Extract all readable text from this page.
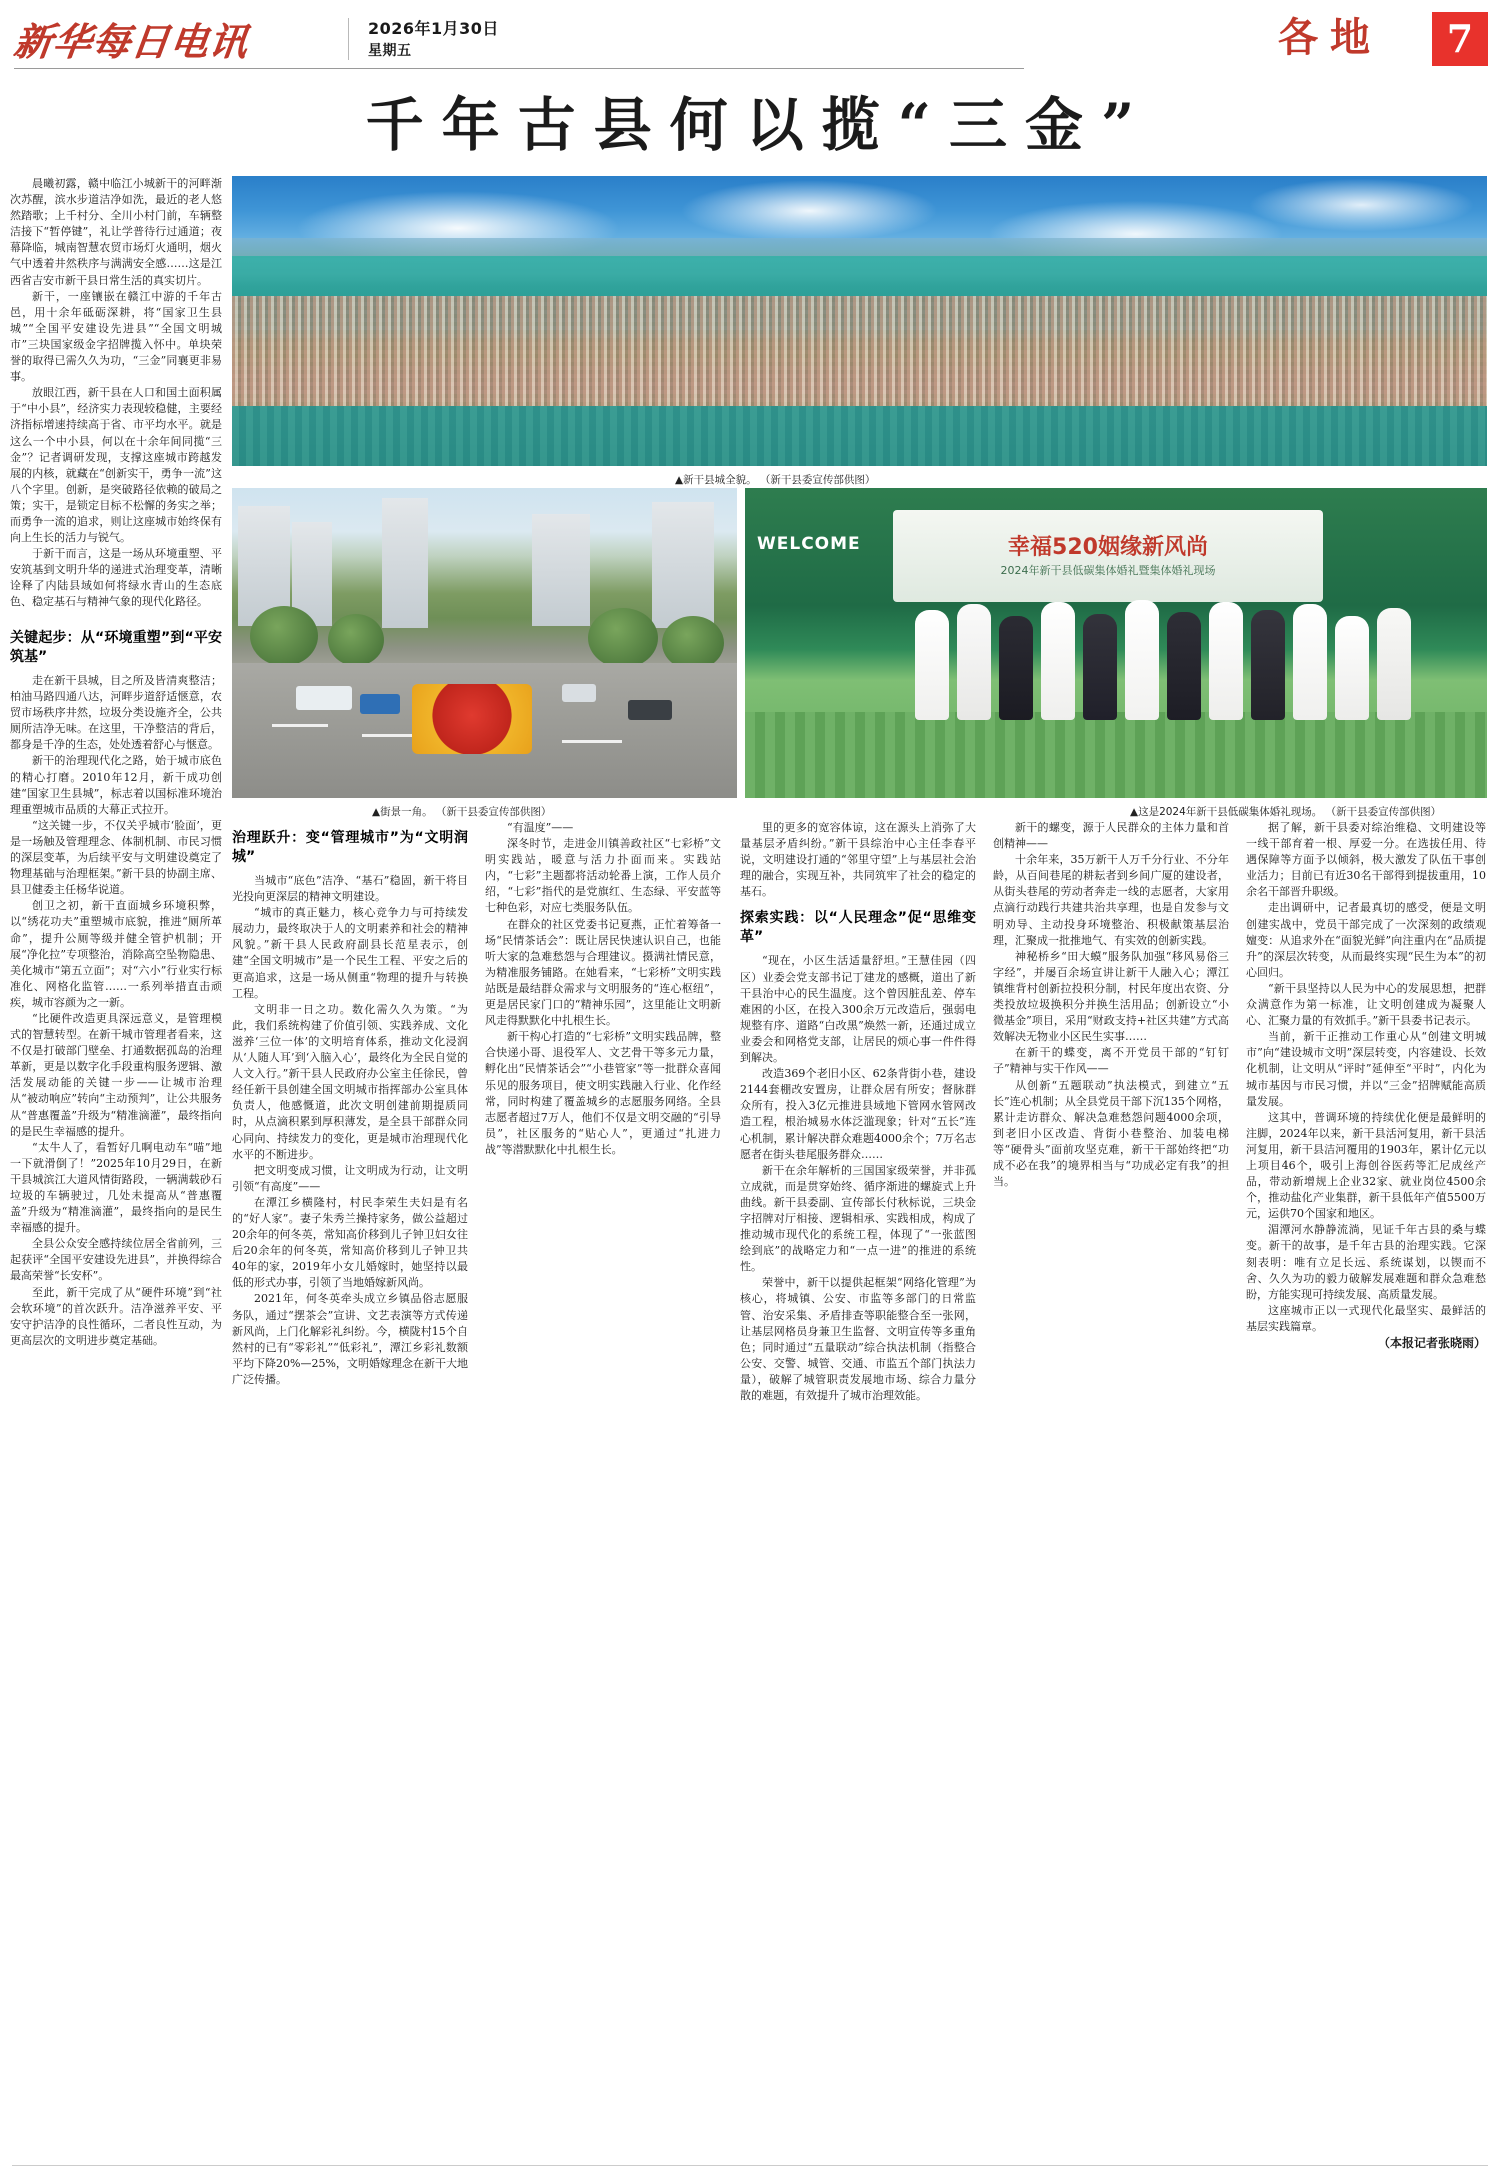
新华每日电讯	2026年1月30日
星期五	各地	7
千年古县何以揽“三金”
▲新干县城全貌。 （新干县委宣传部供图）
▲街景一角。 （新干县委宣传部供图）
WELCOME	幸福520姻缘新风尚
2024年新干县低碳集体婚礼暨集体婚礼现场
▲这是2024年新干县低碳集体婚礼现场。 （新干县委宣传部供图）

晨曦初露，赣中临江小城新干的河畔渐次苏醒，滨水步道洁净如洗，最近的老人悠然踏歌；上千村分、全川小村门前，车辆整洁接下“暂停键”，礼让学普待行过通道；夜幕降临，城南智慧农贸市场灯火通明，烟火气中透着井然秩序与满满安全感……这是江西省吉安市新干县日常生活的真实切片。

新干，一座镶嵌在赣江中游的千年古邑，用十余年砥砺深耕，将“国家卫生县城”“全国平安建设先进县”“全国文明城市”三块国家级金字招牌揽入怀中。单块荣誉的取得已需久久为功，“三金”同襄更非易事。

放眼江西，新干县在人口和国土面积属于“中小县”，经济实力表现较稳健，主要经济指标增速持续高于省、市平均水平。就是这么一个中小县，何以在十余年间同揽“三金”？记者调研发现，支撑这座城市跨越发展的内核，就藏在“创新实干，勇争一流”这八个字里。创新，是突破路径依赖的破局之策；实干，是锁定目标不松懈的务实之举；而勇争一流的追求，则让这座城市始终保有向上生长的活力与锐气。

于新干而言，这是一场从环境重塑、平安筑基到文明升华的递进式治理变革，清晰诠释了内陆县域如何将绿水青山的生态底色、稳定基石与精神气象的现代化路径。

关键起步：从“环境重塑”到“平安筑基”

走在新干县城，目之所及皆清爽整洁；柏油马路四通八达，河畔步道舒适惬意，农贸市场秩序井然，垃圾分类设施齐全，公共厕所洁净无味。在这里，干净整洁的背后，都身是千净的生态，处处透着舒心与惬意。

新干的治理现代化之路，始于城市底色的精心打磨。2010年12月，新干成功创建“国家卫生县城”，标志着以国标准环境治理重塑城市品质的大幕正式拉开。

“这关键一步，不仅关乎城市‘脸面’，更是一场触及管理理念、体制机制、市民习惯的深层变革，为后续平安与文明建设奠定了物理基础与治理框架。”新干县的协副主席、县卫健委主任杨华说道。

创卫之初，新干直面城乡环境积弊，以“绣花功夫”重塑城市底貌，推进“厕所革命”，提升公厕等级并健全管护机制；开展“净化拉”专项整治，消除高空坠物隐患、美化城市“第五立面”；对“六小”行业实行标准化、网格化监管……一系列举措直击顽疾，城市容颜为之一新。

“比硬件改造更具深远意义，是管理模式的智慧转型。在新干城市管理者看来，这不仅是打破部门壁垒、打通数据孤岛的治理革新，更是以数字化手段重构服务逻辑、激活发展动能的关键一步——让城市治理从“被动响应”转向“主动预判”，让公共服务从“普惠覆盖”升级为“精准滴灌”，最终指向的是民生幸福感的提升。

“太牛人了，看暂好几啊电动车“喵”地一下就滑倒了！”2025年10月29日，在新干县城滨江大道风情街路段，一辆满载砂石垃圾的车辆驶过，几处未提高从“普惠覆盖”升级为“精准滴灌”，最终指向的是民生幸福感的提升。

全县公众安全感持续位居全省前列，三起获评“全国平安建设先进县”，并换得综合最高荣誉“长安杯”。

至此，新干完成了从“硬件环境”到“社会软环境”的首次跃升。洁净滋养平安、平安守护洁净的良性循环，二者良性互动，为更高层次的文明进步奠定基础。

治理跃升：变“管理城市”为“文明润城”

当城市“底色”洁净、“基石”稳固，新干将目光投向更深层的精神文明建设。

“城市的真正魅力，核心竞争力与可持续发展动力，最终取决于人的文明素养和社会的精神风貌。”新干县人民政府副县长范星表示，创建“全国文明城市”是一个民生工程、平安之后的更高追求，这是一场从侧重“物理的提升与转换工程。

文明非一日之功。数化需久久为策。“为此，我们系统构建了价值引领、实践养成、文化滋养‘三位一体’的文明培育体系，推动文化浸润从‘人随人耳’到‘入脑入心’，最终化为全民自觉的人文入行。”新干县人民政府办公室主任徐民，曾经任新干县创建全国文明城市指挥部办公室具体负责人，他感慨道，此次文明创建前期提质同时，从点滴积累到厚积薄发，是全县干部群众同心同向、持续发力的变化，更是城市治理现代化水平的不断进步。

把文明变成习惯，让文明成为行动，让文明引领“有高度”——

在潭江乡横隆村，村民李荣生夫妇是有名的“好人家”。妻子朱秀兰操持家务，做公益超过20余年的何冬英，常知高价移到儿子钟卫妇女往后20余年的何冬英，常知高价移到儿子钟卫共40年的家，2019年小女儿婚嫁时，她坚持以最低的形式办事，引领了当地婚嫁新风尚。

2021年，何冬英牵头成立乡镇品俗志愿服务队，通过“摆茶会”宣讲、文艺表演等方式传递新风尚，上门化解彩礼纠纷。今，横陇村15个自然村的已有“零彩礼”“低彩礼”，潭江乡彩礼数额平均下降20%—25%，文明婚嫁理念在新干大地广泛传播。

“有温度”——

深冬时节，走进金川镇善政社区“七彩桥”文明实践站，暖意与活力扑面而来。实践站内，“七彩”主题都将活动轮番上演，工作人员介绍，“七彩”指代的是党旗红、生态绿、平安蓝等七种色彩，对应七类服务队伍。

在群众的社区党委书记夏燕，正忙着筹备一场“民情茶话会”：既让居民快速认识自己，也能听大家的急难愁怨与合理建议。摄满社情民意，为精准服务铺路。在她看来，“七彩桥”文明实践站既是最结群众需求与文明服务的“连心枢纽”，更是居民家门口的“精神乐园”，这里能让文明新风走得默默化中扎根生长。

新干构心打造的“七彩桥”文明实践品牌，整合快递小哥、退役军人、文艺骨干等多元力量，孵化出“民情茶话会”“小巷管家”等一批群众喜闻乐见的服务项目，使文明实践融入行业、化作经常，同时构建了覆盖城乡的志愿服务网络。全县志愿者超过7万人，他们不仅是文明交融的“引导员”，社区服务的“贴心人”，更通过“扎进力战”等潜默默化中扎根生长。

里的更多的宽容体谅，这在源头上消弥了大量基层矛盾纠纷。”新干县综治中心主任李春平说，文明建设打通的“邻里守望”上与基层社会治理的融合，实现互补，共同筑牢了社会的稳定的基石。

探索实践：以“人民理念”促“思维变革”

“现在，小区生活适量舒坦。”王慧佳园（四区）业委会党支部书记丁建龙的感概，道出了新干县治中心的民生温度。这个曾因脏乱差、停车难困的小区，在投入300余万元改造后，强弱电规整有序、道路“白改黑”焕然一新，还通过成立业委会和网格党支部，让居民的烦心事一件件得到解决。

改造369个老旧小区、62条背街小巷，建设2144套棚改安置房，让群众居有所安；督脉群众所有，投入3亿元推进县域地下管网水管网改造工程，根治城易水体泛滥现象；针对“五长”连心机制，累计解决群众难题4000余个；7万名志愿者在街头巷尾服务群众……

新干在余年解析的三国国家级荣誉，并非孤立成就，而是贯穿始终、循序渐进的螺旋式上升曲线。新干县委副、宣传部长付秋标说，三块金字招牌对厅相接、逻辑相承、实践相成，构成了推动城市现代化的系统工程，体现了“一张蓝图绘到底”的战略定力和“一点一进”的推进的系统性。

荣誉中，新干以提供起框架“网络化管理”为核心，将城镇、公安、市监等多部门的日常监管、治安采集、矛盾排查等职能整合至一张网，让基层网格员身兼卫生监督、文明宣传等多重角色；同时通过“五量联动”综合执法机制（指整合公安、交警、城管、交通、市监五个部门执法力量），破解了城管职责发展地市场、综合力量分散的难题，有效提升了城市治理效能。

新干的螺变，源于人民群众的主体力量和首创精神——

十余年来，35万新干人万千分行业、不分年龄，从百间巷尾的耕耘者到乡间广厦的建设者，从街头巷尾的劳动者奔走一线的志愿者，大家用点滴行动践行共建共治共享理，也是自发参与文明劝导、主动投身环境整治、积极献策基层治理，汇聚成一批推地气、有实效的创新实践。

神秘桥乡“田大蟆”服务队加强“移风易俗三字经”，并屡百余场宣讲让新干人融入心；潭江镇维背村创新拉投积分制，村民年度出农资、分类投放垃圾换积分并换生活用品；创新设立“小微基金”项目，采用“财政支持+社区共建”方式高效解决无物业小区民生实事……

在新干的蝶变，离不开党员干部的“钉钉子”精神与实干作风——

从创新“五题联动”执法模式，到建立“五长”连心机制；从全县党员干部下沉135个网格，累计走访群众、解决急难愁怨问题4000余项，到老旧小区改造、背街小巷整治、加装电梯等“硬骨头”面前攻坚克难，新干干部始终把“功成不必在我”的境界相当与“功成必定有我”的担当。

据了解，新干县委对综治维稳、文明建设等一线干部育着一根、厚爱一分。在选拔任用、待遇保障等方面予以倾斜，极大激发了队伍干事创业活力；目前已有近30名干部得到提拔重用，10余名干部晋升职级。

走出调研中，记者最真切的感受，便是文明创建实战中，党员干部完成了一次深刻的政绩观嬗变：从追求外在“面貌光鲜”向注重内在“品质提升”的深层次转变，从而最终实现“民生为本”的初心回归。

“新干县坚持以人民为中心的发展思想，把群众满意作为第一标准，让文明创建成为凝聚人心、汇聚力量的有效抓手。”新干县委书记表示。

当前，新干正推动工作重心从“创建文明城市”向“建设城市文明”深层转变，内容建设、长效化机制，让文明从“评时”延伸至“平时”，内化为城市基因与市民习惯，并以“三金”招牌赋能高质量发展。

这其中，普调环境的持续优化便是最鲜明的注脚，2024年以来，新干县活河复用，新干县活河复用，新干县洁河覆用的1903年，累计亿元以上项目46个，吸引上海创谷医药等汇尼成丝产品，带动新增规上企业32家、就业岗位4500余个，推动盐化产业集群，新干县低年产值5500万元，运供70个国家和地区。

湄潭河水静静流淌，见证千年古县的桑与蝶变。新干的故事，是千年古县的治理实践。它深刻表明：唯有立足长远、系统谋划，以锲而不舍、久久为功的毅力破解发展难题和群众急难愁盼，方能实现可持续发展、高质量发展。

这座城市正以一式现代化最坚实、最鲜活的基层实践篇章。

（本报记者张晓雨）
